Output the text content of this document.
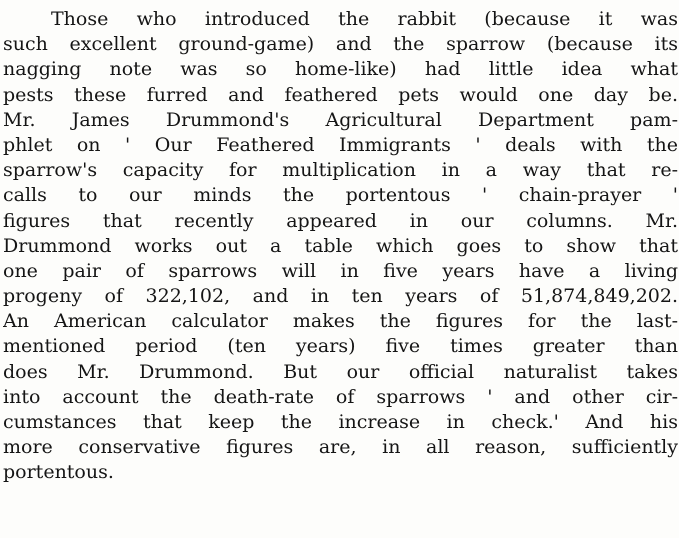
Those who introduced the rabbit (because it was
such excellent ground-game) and the sparrow (because its
nagging note was so home-like) had little idea what
pests these furred and feathered pets would one day be.
Mr. James Drummond's Agricultural Department pam-
phlet on ' Our Feathered Immigrants ' deals with the
sparrow's capacity for multiplication in a way that re-
calls to our minds the portentous ' chain-prayer '
figures that recently appeared in our columns. Mr.
Drummond works out a table which goes to show that
one pair of sparrows will in five years have a living
progeny of 322,102, and in ten years of 51,874,849,202.
An American calculator makes the figures for the last-
mentioned period (ten years) five times greater than
does Mr. Drummond. But our official naturalist takes
into account the death-rate of sparrows ' and other cir-
cumstances that keep the increase in check.' And his
more conservative figures are, in all reason, sufficiently
portentous.
